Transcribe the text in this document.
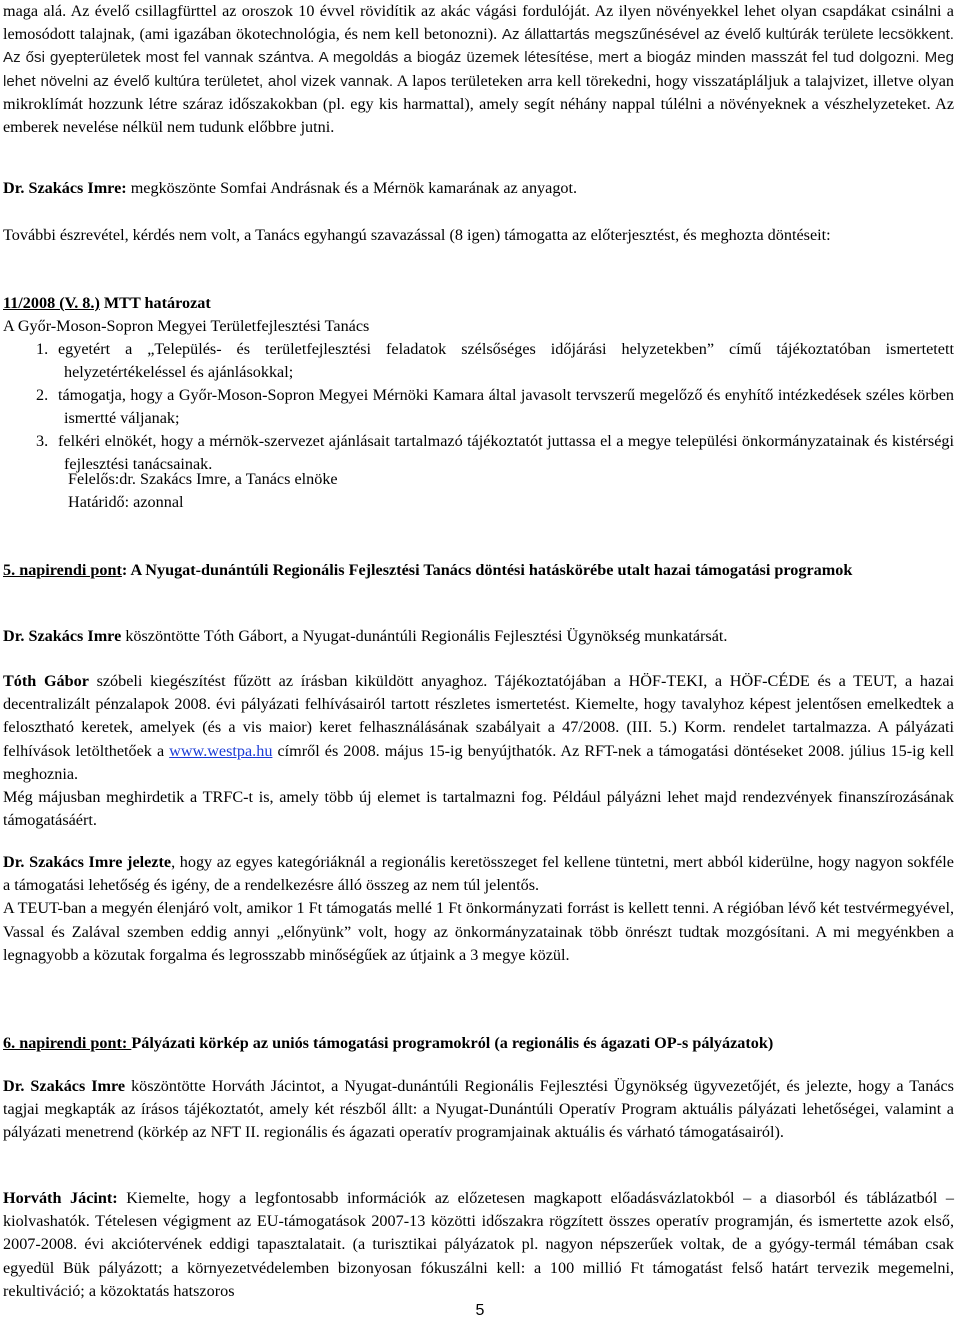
maga alá. Az évelő csillagfürttel az oroszok 10 évvel rövidítik az akác vágási fordulóját. Az ilyen növényekkel lehet olyan csapdákat csinálni a lemosódott talajnak, (ami igazában ökotechnológia, és nem kell betonozni). Az állattartás megszűnésével az évelő kultúrák területe lecsökkent. Az ősi gyepterületek most fel vannak szántva. A megoldás a biogáz üzemek létesítése, mert a biogáz minden masszát fel tud dolgozni. Meg lehet növelni az évelő kultúra területet, ahol vizek vannak. A lapos területeken arra kell törekedni, hogy visszatápláljuk a talajvizet, illetve olyan mikroklímát hozzunk létre száraz időszakokban (pl. egy kis harmattal), amely segít néhány nappal túlélni a növényeknek a vészhelyzeteket. Az emberek nevelése nélkül nem tudunk előbbre jutni.

Dr. Szakács Imre: megköszönte Somfai Andrásnak és a Mérnök kamarának az anyagot.

További észrevétel, kérdés nem volt, a Tanács egyhangú szavazással (8 igen) támogatta az előterjesztést, és meghozta döntéseit:

11/2008 (V. 8.) MTT határozat
A Győr-Moson-Sopron Megyei Területfejlesztési Tanács
1. egyetért a „Település- és területfejlesztési feladatok szélsőséges időjárási helyzetekben” című tájékoztatóban ismertetett helyzetértékeléssel és ajánlásokkal;

2. támogatja, hogy a Győr-Moson-Sopron Megyei Mérnöki Kamara által javasolt tervszerű megelőző és enyhítő intézkedések széles körben ismertté váljanak;

3. felkéri elnökét, hogy a mérnök-szervezet ajánlásait tartalmazó tájékoztatót juttassa el a megye települési önkormányzatainak és kistérségi fejlesztési tanácsainak.

Felelős:dr. Szakács Imre, a Tanács elnöke
Határidő: azonnal
5. napirendi pont: A Nyugat-dunántúli Regionális Fejlesztési Tanács döntési hatáskörébe utalt hazai támogatási programok

Dr. Szakács Imre köszöntötte Tóth Gábort, a Nyugat-dunántúli Regionális Fejlesztési Ügynökség munkatársát.

Tóth Gábor szóbeli kiegészítést fűzött az írásban kiküldött anyaghoz. Tájékoztatójában a HÖF-TEKI, a HÖF-CÉDE és a TEUT, a hazai decentralizált pénzalapok 2008. évi pályázati felhívásairól tartott részletes ismertetést. Kiemelte, hogy tavalyhoz képest jelentősen emelkedtek a felosztható keretek, amelyek (és a vis maior) keret felhasználásának szabályait a 47/2008. (III. 5.) Korm. rendelet tartalmazza. A pályázati felhívások letölthetőek a www.westpa.hu címről és 2008. május 15-ig benyújthatók. Az RFT-nek a támogatási döntéseket 2008. július 15-ig kell meghoznia.

Még májusban meghirdetik a TRFC-t is, amely több új elemet is tartalmazni fog. Például pályázni lehet majd rendezvények finanszírozásának támogatásáért.

Dr. Szakács Imre jelezte, hogy az egyes kategóriáknál a regionális keretösszeget fel kellene tüntetni, mert abból kiderülne, hogy nagyon sokféle a támogatási lehetőség és igény, de a rendelkezésre álló összeg az nem túl jelentős.

A TEUT-ban a megyén élenjáró volt, amikor 1 Ft támogatás mellé 1 Ft önkormányzati forrást is kellett tenni. A régióban lévő két testvérmegyével, Vassal és Zalával szemben eddig annyi „előnyünk” volt, hogy az önkormányzatainak több önrészt tudtak mozgósítani. A mi megyénkben a legnagyobb a közutak forgalma és legrosszabb minőségűek az útjaink a 3 megye közül.

6. napirendi pont: Pályázati körkép az uniós támogatási programokról (a regionális és ágazati OP-s pályázatok)

Dr. Szakács Imre köszöntötte Horváth Jácintot, a Nyugat-dunántúli Regionális Fejlesztési Ügynökség ügyvezetőjét, és jelezte, hogy a Tanács tagjai megkapták az írásos tájékoztatót, amely két részből állt: a Nyugat-Dunántúli Operatív Program aktuális pályázati lehetőségei, valamint a pályázati menetrend (körkép az NFT II. regionális és ágazati operatív programjainak aktuális és várható támogatásairól).

Horváth Jácint: Kiemelte, hogy a legfontosabb információk az előzetesen magkapott előadásvázlatokból – a diasorból és táblázatból – kiolvashatók. Tételesen végigment az EU-támogatások 2007-13 közötti időszakra rögzített összes operatív programján, és ismertette azok első, 2007-2008. évi akciótervének eddigi tapasztalatait. (a turisztikai pályázatok pl. nagyon népszerűek voltak, de a gyógy-termál témában csak egyedül Bük pályázott; a környezetvédelemben bizonyosan fókuszálni kell: a 100 millió Ft támogatást felső határt tervezik megemelni, rekultiváció; a közoktatás hatszoros

5
